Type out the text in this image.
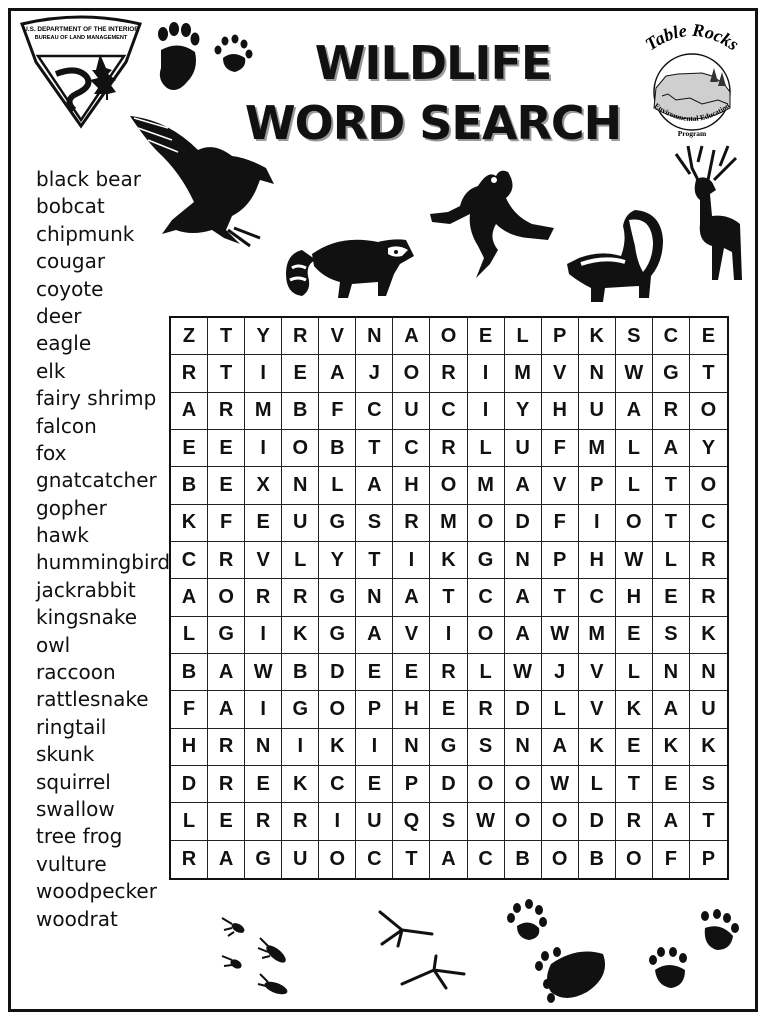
U.S. DEPARTMENT OF THE INTERIOR
BUREAU OF LAND MANAGEMENT	WILDLIFE
WORD SEARCH
Table Rocks
Environmental Education
Program
black bear
bobcat
chipmunk
cougar
coyote
deer
eagle
elk
fairy shrimp
falcon
fox
gnatcatcher
gopher
hawk
hummingbird
jackrabbit
kingsnake
owl
raccoon
rattlesnake
ringtail
skunk
squirrel
swallow
tree frog
vulture
woodpecker
woodrat
Z	T	Y	R	V	N	A	O	E	L	P	K	S	C	E
R	T	I	E	A	J	O	R	I	M	V	N	W G	T
A	R	M	B	F	C	U	C	I	Y	H	U	A	R	O
E	E	I	O	B	T	C	R	L	U	F	M	L	A	Y
B	E	X	N	L	A	H	O	M	A	V	P	L	T	O
K	F	E	U	G	S	R	M	O	D	F	I	O	T	C
C	R	V	L	Y	T	I	K	G	N	P	H	W	L	R
A	O	R	R	G	N	A	T	C	A	T	C	H	E	R
L	G	I	K	G	A	V	I	O	A	W M	E	S	K
B	A	W	B	D	E	E	R	L	W	J	V	L	N	N
F	A	I	G	O	P	H	E	R	D	L	V	K	A	U
H	R	N	I	K	I	N	G	S	N	A	K	E	K	K
D	R	E	K	C	E	P	D	O	O W	L	T	E	S
L	E	R	R	I	U	Q	S	W O	O	D	R	A	T
R	A	G	U	O	C	T	A	C	B	O	B	O	F	P
